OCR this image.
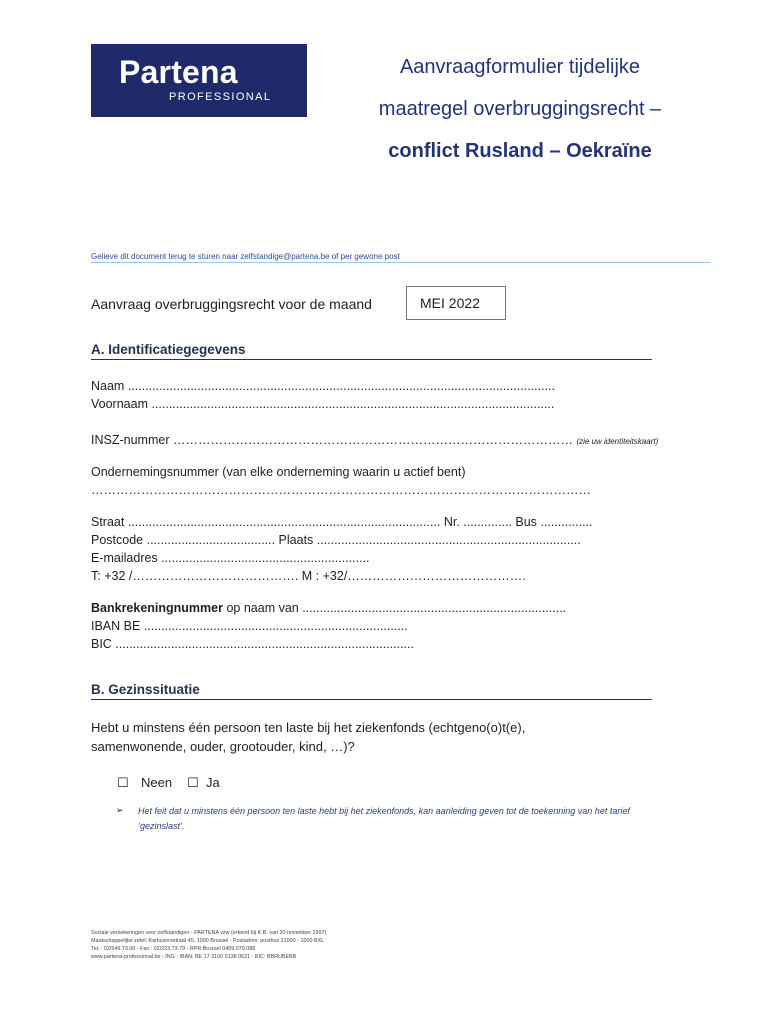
Partena
PROFESSIONAL
Aanvraagformulier tijdelijke
maatregel overbruggingsrecht –
conflict Rusland – Oekraïne
Gelieve dit document terug te sturen naar zelfstandige@partena.be of per gewone post
Aanvraag overbruggingsrecht voor de maand	MEI 2022
A. Identificatiegegevens
Naam ...........................................................................................................................
Voornaam ....................................................................................................................
INSZ-nummer …………………………………………………………………………………… (zie uw identiteitskaart)
Ondernemingsnummer (van elke onderneming waarin u actief bent)
…………………………………………………………………………………………………………
Straat .......................................................................................... Nr. .............. Bus ...............
Postcode ..................................... Plaats ............................................................................
E-mailadres ............................................................
T: +32 /…………………………………. M : +32/…………………………………….
Bankrekeningnummer op naam van ............................................................................
IBAN BE ............................................................................
BIC ......................................................................................
B. Gezinssituatie
Hebt u minstens één persoon ten laste bij het ziekenfonds (echtgeno(o)t(e),
samenwonende, ouder, grootouder, kind, …)?
☐ Neen ☐ Ja
➢ Het feit dat u minstens één persoon ten laste hebt bij het ziekenfonds, kan aanleiding geven tot de toekenning van het tarief ‘gezinslast’.
Sociale verzekeringen voor zelfstandigen - PARTENA vzw (erkend bij K.B. van 20 november 1997)
Maatschappelijke zetel: Kartuizersstraat 45, 1000 Brussel - Postadres: postbus 21000 - 1000 BXL
Tel. : 02/549.73.00 - Fax : 02/223.73.79 - RPR Brussel 0409.079.088
www.partena-professional.be - ING : IBAN: BE 17 3100 0138 0621 - BIC: BBRUBEBB
